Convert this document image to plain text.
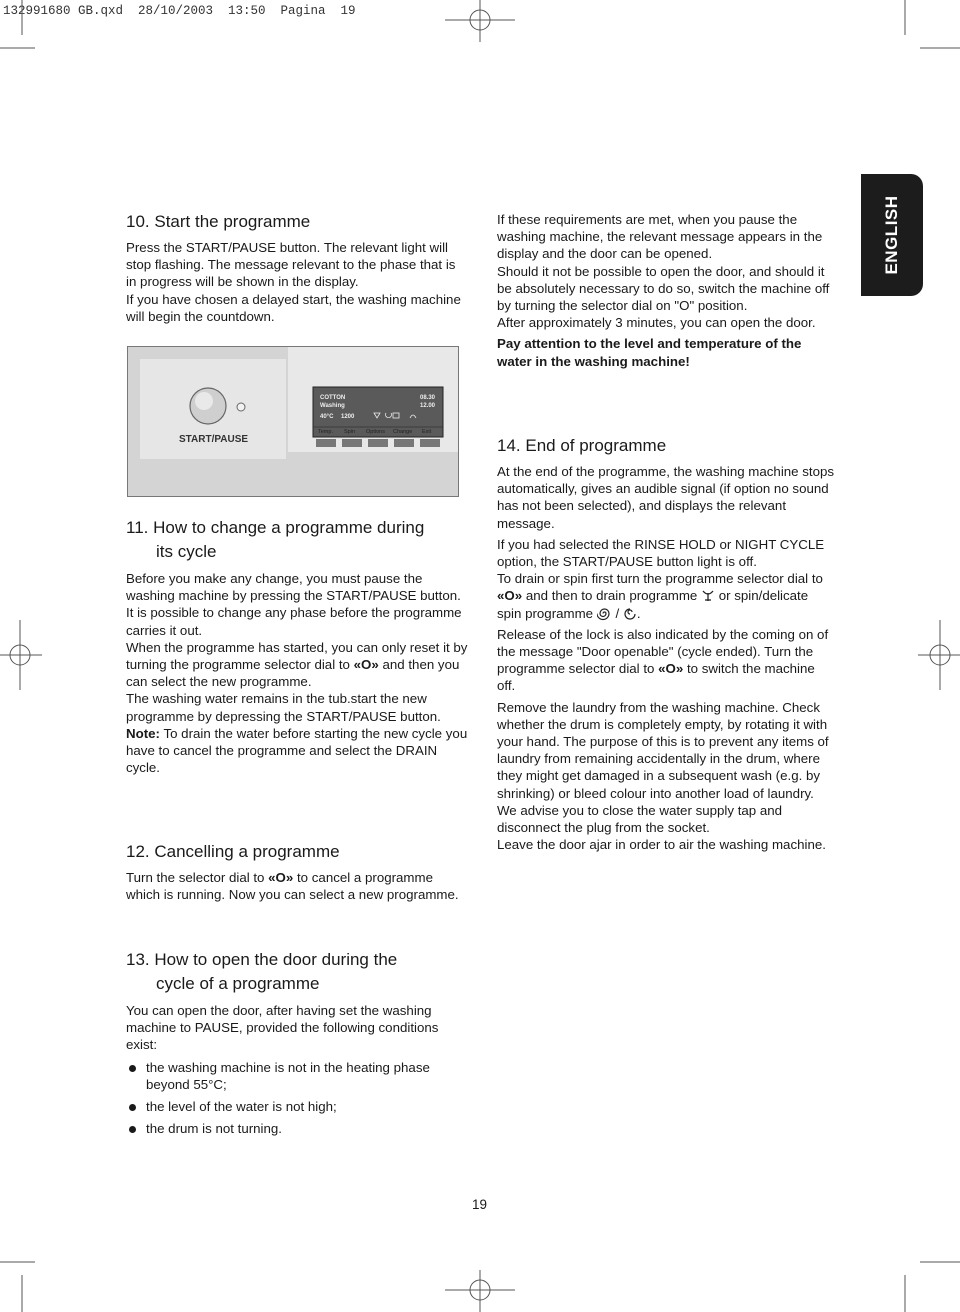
132991680 GB.qxd  28/10/2003  13:50  Pagina  19
ENGLISH
10. Start the programme

Press the START/PAUSE button. The relevant light will stop flashing. The message relevant to the phase that is in progress will be shown in the display.

If you have chosen a delayed start, the washing machine will begin the countdown.

START/PAUSE
COTTON
Washing
08.30
12.00
40°C 1200
Temp. Spin Options Change Exit
11. How to change a programme during
its cycle

Before you make any change, you must pause the washing machine by pressing the START/PAUSE button.

It is possible to change any phase before the programme carries it out.

When the programme has started, you can only reset it by turning the programme selector dial to «O» and then you can select the new programme.

The washing water remains in the tub.start the new programme by depressing the START/PAUSE button.

Note: To drain the water before starting the new cycle you have to cancel the programme and select the DRAIN cycle.

12. Cancelling a programme

Turn the selector dial to «O» to cancel a programme which is running. Now you can select a new programme.

13. How to open the door during the
cycle of a programme

You can open the door, after having set the washing machine to PAUSE, provided the following conditions exist:

the washing machine is not in the heating phase beyond 55°C;
the level of the water is not high;
the drum is not turning.

If these requirements are met, when you pause the washing machine, the relevant message appears in the display and the door can be opened.

Should it not be possible to open the door, and should it be absolutely necessary to do so, switch the machine off by turning the selector dial on "O" position.

After approximately 3 minutes, you can open the door.

Pay attention to the level and temperature of the water in the washing machine!

14. End of programme

At the end of the programme, the washing machine stops automatically, gives an audible signal (if option no sound has not been selected), and displays the relevant message.

If you had selected the RINSE HOLD or NIGHT CYCLE option, the START/PAUSE button light is off.

To drain or spin first turn the programme selector dial to «O» and then to drain programme  or spin/delicate spin programme  / .

Release of the lock is also indicated by the coming on of the message "Door openable" (cycle ended). Turn the programme selector dial to «O» to switch the machine off.

Remove the laundry from the washing machine. Check whether the drum is completely empty, by rotating it with your hand. The purpose of this is to prevent any items of laundry from remaining accidentally in the drum, where they might get damaged in a subsequent wash (e.g. by shrinking) or bleed colour into another load of laundry.

We advise you to close the water supply tap and disconnect the plug from the socket.

Leave the door ajar in order to air the washing machine.

19
